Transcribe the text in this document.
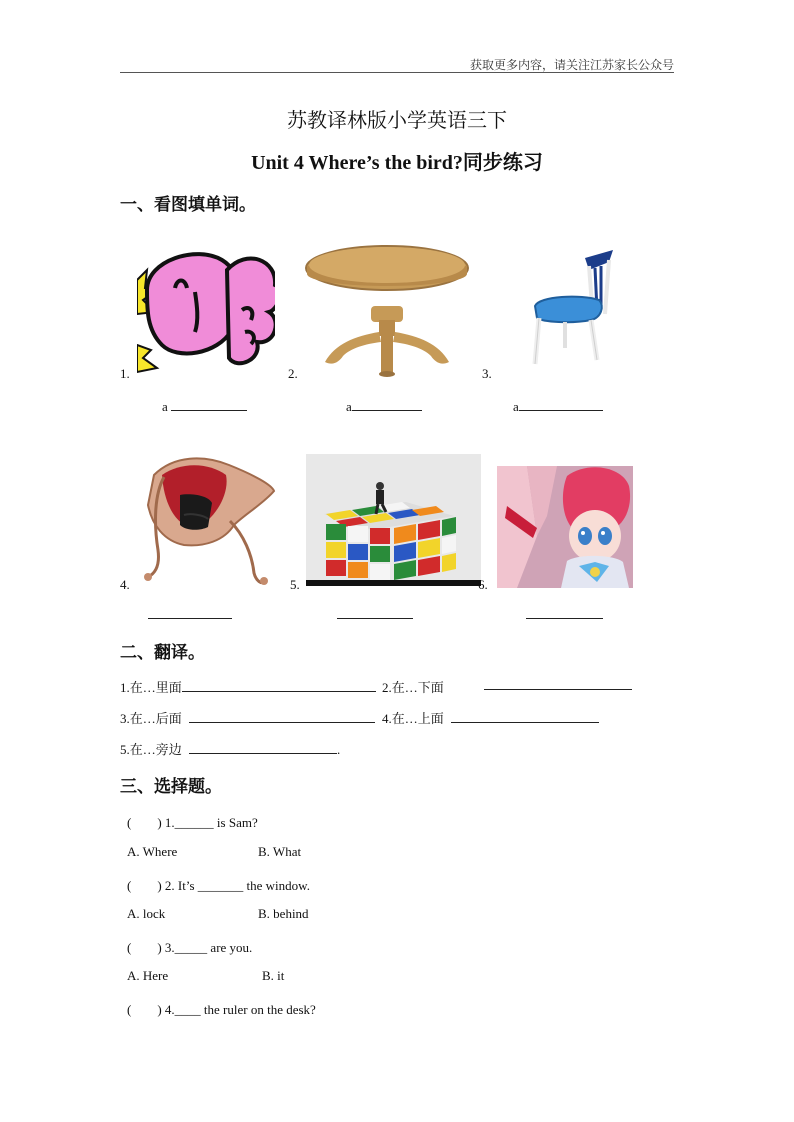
获取更多内容，请关注江苏家长公众号
苏教译林版小学英语三下
Unit 4 Where’s the bird?同步练习
一、看图填单词。
1.	2.	3.
a	a	a
4.	5.	6.
二、翻译。
1.在…里面	2.在…下面
3.在…后面	4.在…上面
5.在…旁边	.
三、选择题。
(　　) 1.______ is Sam?
A. Where	B. What
(　　) 2. It’s _______ the window.
A. lock	B. behind
(　　) 3._____ are you.
A. Here	B. it
(　　) 4.____ the ruler on the desk?
